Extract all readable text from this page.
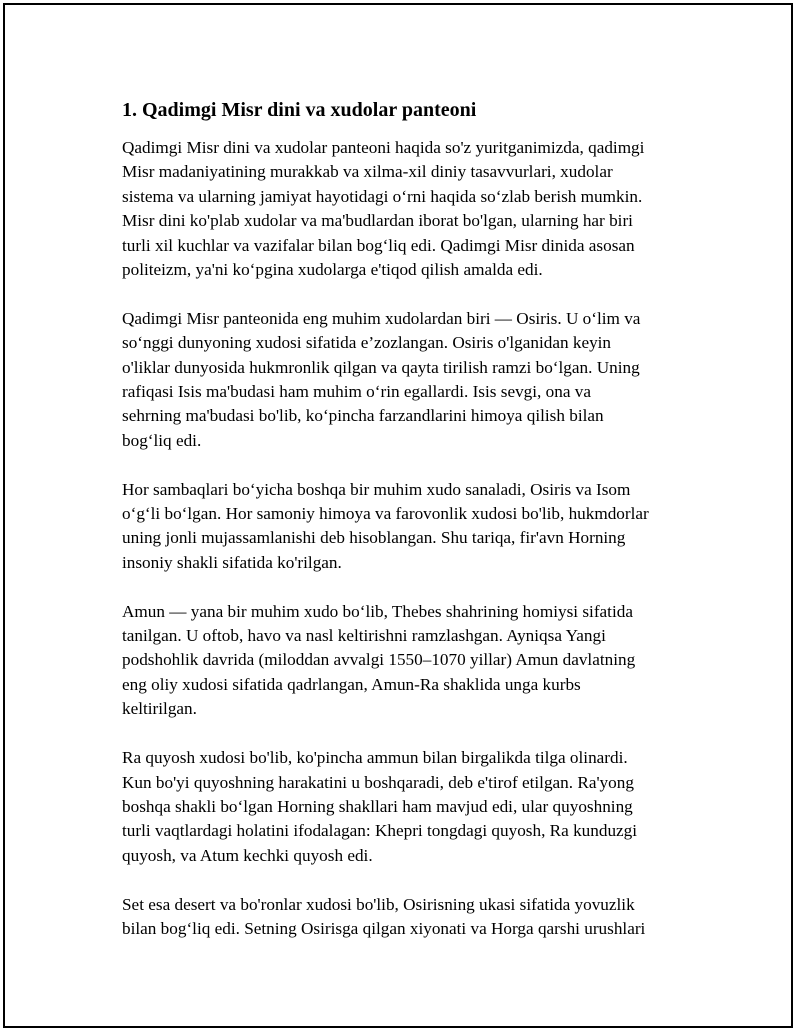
1. Qadimgi Misr dini va xudolar panteoni
Qadimgi Misr dini va xudolar panteoni haqida so'z yuritganimizda, qadimgi
Misr madaniyatining murakkab va xilma-xil diniy tasavvurlari, xudolar
sistema va ularning jamiyat hayotidagi o‘rni haqida so‘zlab berish mumkin.
Misr dini ko'plab xudolar va ma'budlardan iborat bo'lgan, ularning har biri
turli xil kuchlar va vazifalar bilan bog‘liq edi. Qadimgi Misr dinida asosan
politeizm, ya'ni ko‘pgina xudolarga e'tiqod qilish amalda edi.
Qadimgi Misr panteonida eng muhim xudolardan biri — Osiris. U o‘lim va
so‘nggi dunyoning xudosi sifatida e’zozlangan. Osiris o'lganidan keyin
o'liklar dunyosida hukmronlik qilgan va qayta tirilish ramzi bo‘lgan. Uning
rafiqasi Isis ma'budasi ham muhim o‘rin egallardi. Isis sevgi, ona va
sehrning ma'budasi bo'lib, ko‘pincha farzandlarini himoya qilish bilan
bog‘liq edi.
Hor sambaqlari bo‘yicha boshqa bir muhim xudo sanaladi, Osiris va Isom
o‘g‘li bo‘lgan. Hor samoniy himoya va farovonlik xudosi bo'lib, hukmdorlar
uning jonli mujassamlanishi deb hisoblangan. Shu tariqa, fir'avn Horning
insoniy shakli sifatida ko'rilgan.
Amun — yana bir muhim xudo bo‘lib, Thebes shahrining homiysi sifatida
tanilgan. U oftob, havo va nasl keltirishni ramzlashgan. Ayniqsa Yangi
podshohlik davrida (miloddan avvalgi 1550–1070 yillar) Amun davlatning
eng oliy xudosi sifatida qadrlangan, Amun-Ra shaklida unga kurbs
keltirilgan.
Ra quyosh xudosi bo'lib, ko'pincha ammun bilan birgalikda tilga olinardi.
Kun bo'yi quyoshning harakatini u boshqaradi, deb e'tirof etilgan. Ra'yong
boshqa shakli bo‘lgan Horning shakllari ham mavjud edi, ular quyoshning
turli vaqtlardagi holatini ifodalagan: Khepri tongdagi quyosh, Ra kunduzgi
quyosh, va Atum kechki quyosh edi.
Set esa desert va bo'ronlar xudosi bo'lib, Osirisning ukasi sifatida yovuzlik
bilan bog‘liq edi. Setning Osirisga qilgan xiyonati va Horga qarshi urushlari
